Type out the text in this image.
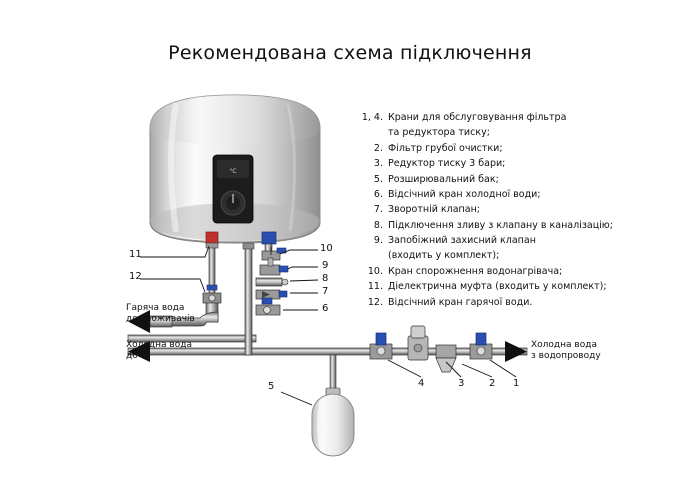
Рекомендована схема підключення
1, 4. Крани для обслуговування фільтра
та редуктора тиску;
2. Фільтр грубої очистки;
3. Редуктор тиску 3 бари;
5. Розширювальний бак;
6. Відсічний кран холодної води;
7. Зворотній клапан;
8. Підключення зливу з клапану в каналізацію;
9. Запобіжний захисний клапан
(входить у комплект);
10. Кран спорожнення водонагрівача;
11. Діелектрична муфта (входить у комплект);
12. Відсічний кран гарячої води.
°C
11
12
10
9
8
7
6
5	4	3 2 1
Гаряча вода
до споживачів
Холодна вода
до сг
Холодна вода
з водопроводу
